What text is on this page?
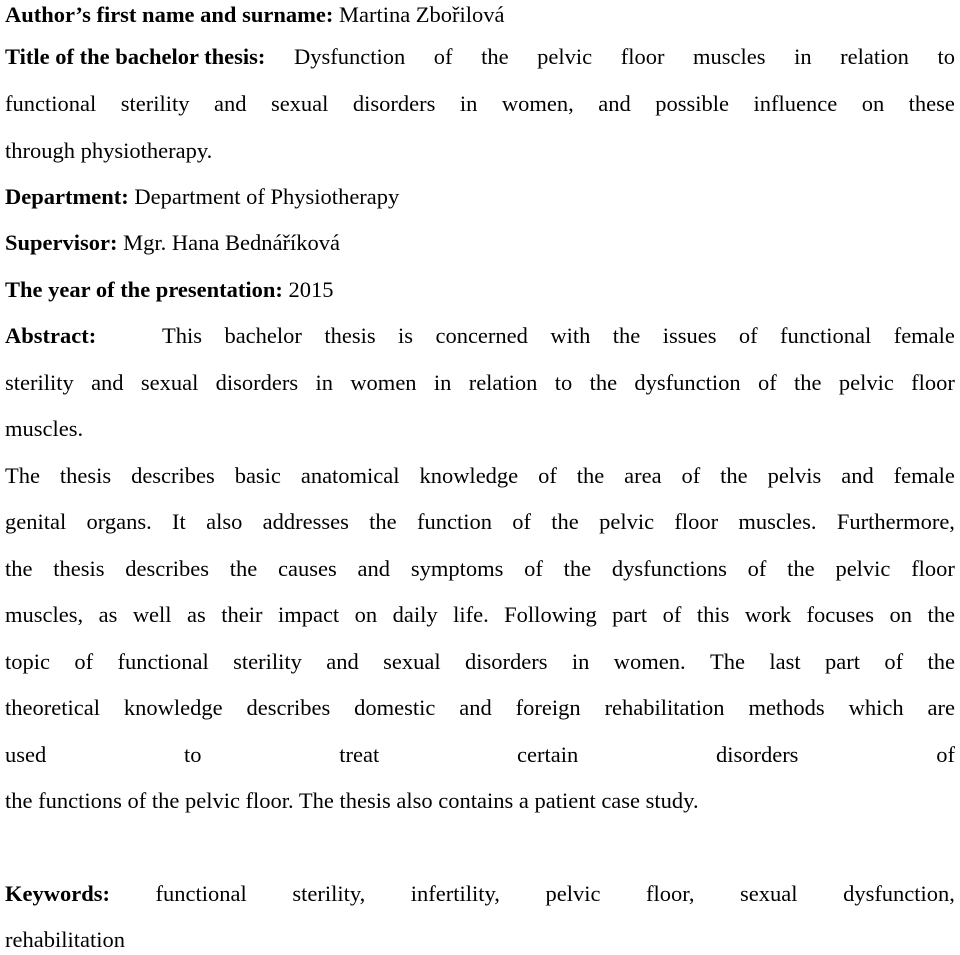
Author’s first name and surname: Martina Zbořilová
Title of the bachelor thesis: Dysfunction of the pelvic floor muscles in relation to
functional sterility and sexual disorders in women, and possible influence on these
through physiotherapy.
Department: Department of Physiotherapy
Supervisor: Mgr. Hana Bednáříková
The year of the presentation: 2015
Abstract:	This bachelor thesis is concerned with the issues of functional female
sterility and sexual disorders in women in relation to the dysfunction of the pelvic floor
muscles.
The thesis describes basic anatomical knowledge of the area of the pelvis and female
genital organs. It also addresses the function of the pelvic floor muscles. Furthermore,
the thesis describes the causes and symptoms of the dysfunctions of the pelvic floor
muscles, as well as their impact on daily life. Following part of this work focuses on the
topic of functional sterility and sexual disorders in women. The last part of the
theoretical knowledge describes domestic and foreign rehabilitation methods which are
used	to	treat	certain	disorders	of
the functions of the pelvic floor. The thesis also contains a patient case study.
Keywords: functional sterility, infertility, pelvic floor, sexual dysfunction,
rehabilitation
